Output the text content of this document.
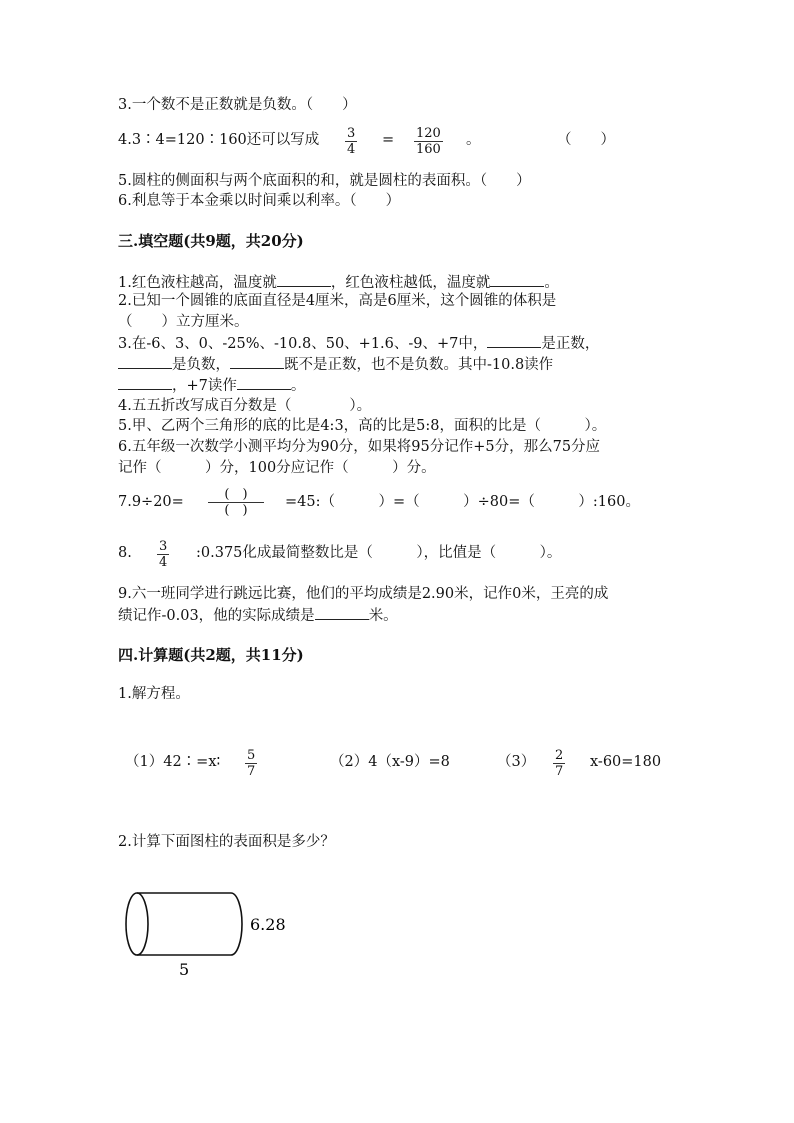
3.一个数不是正数就是负数。（　　）
4.3∶4=120∶160还可以写成 $\frac{3}{4} = \frac{120}{160}$ 。	（　　）
5.圆柱的侧面积与两个底面积的和，就是圆柱的表面积。（　　）
6.利息等于本金乘以时间乘以利率。（　　）
三.填空题(共9题，共20分)
1.红色液柱越高，温度就	，红色液柱越低，温度就	。
2.已知一个圆锥的底面直径是4厘米，高是6厘米，这个圆锥的体积是
（　　）立方厘米。
3.在-6、3、0、-25%、-10.8、50、+1.6、-9、+7中，	是正数，
是负数，	既不是正数，也不是负数。其中-10.8读作
，+7读作	。
4.五五折改写成百分数是（　　　　）。
5.甲、乙两个三角形的底的比是4:3，高的比是5:8，面积的比是（　　　）。
6.五年级一次数学小测平均分为90分，如果将95分记作+5分，那么75分应
记作（　　　）分，100分应记作（　　　）分。
7.9÷20=	(　)
(　)
=45:（　　　）=（　　　）÷80=（　　　）:160。
8. $\frac{3}{4}$ :0.375化成最简整数比是（　　　），比值是（　　　）。
9.六一班同学进行跳远比赛，他们的平均成绩是2.90米，记作0米，王亮的成
绩记作-0.03，他的实际成绩是	米。
四.计算题(共2题，共11分)
1.解方程。
（1）42∶=x∶ $\frac{5}{7}$	（2）4（x-9）=8	$(3) \frac{2}{7} x-60=180$
2.计算下面图柱的表面积是多少？
6.28
5
